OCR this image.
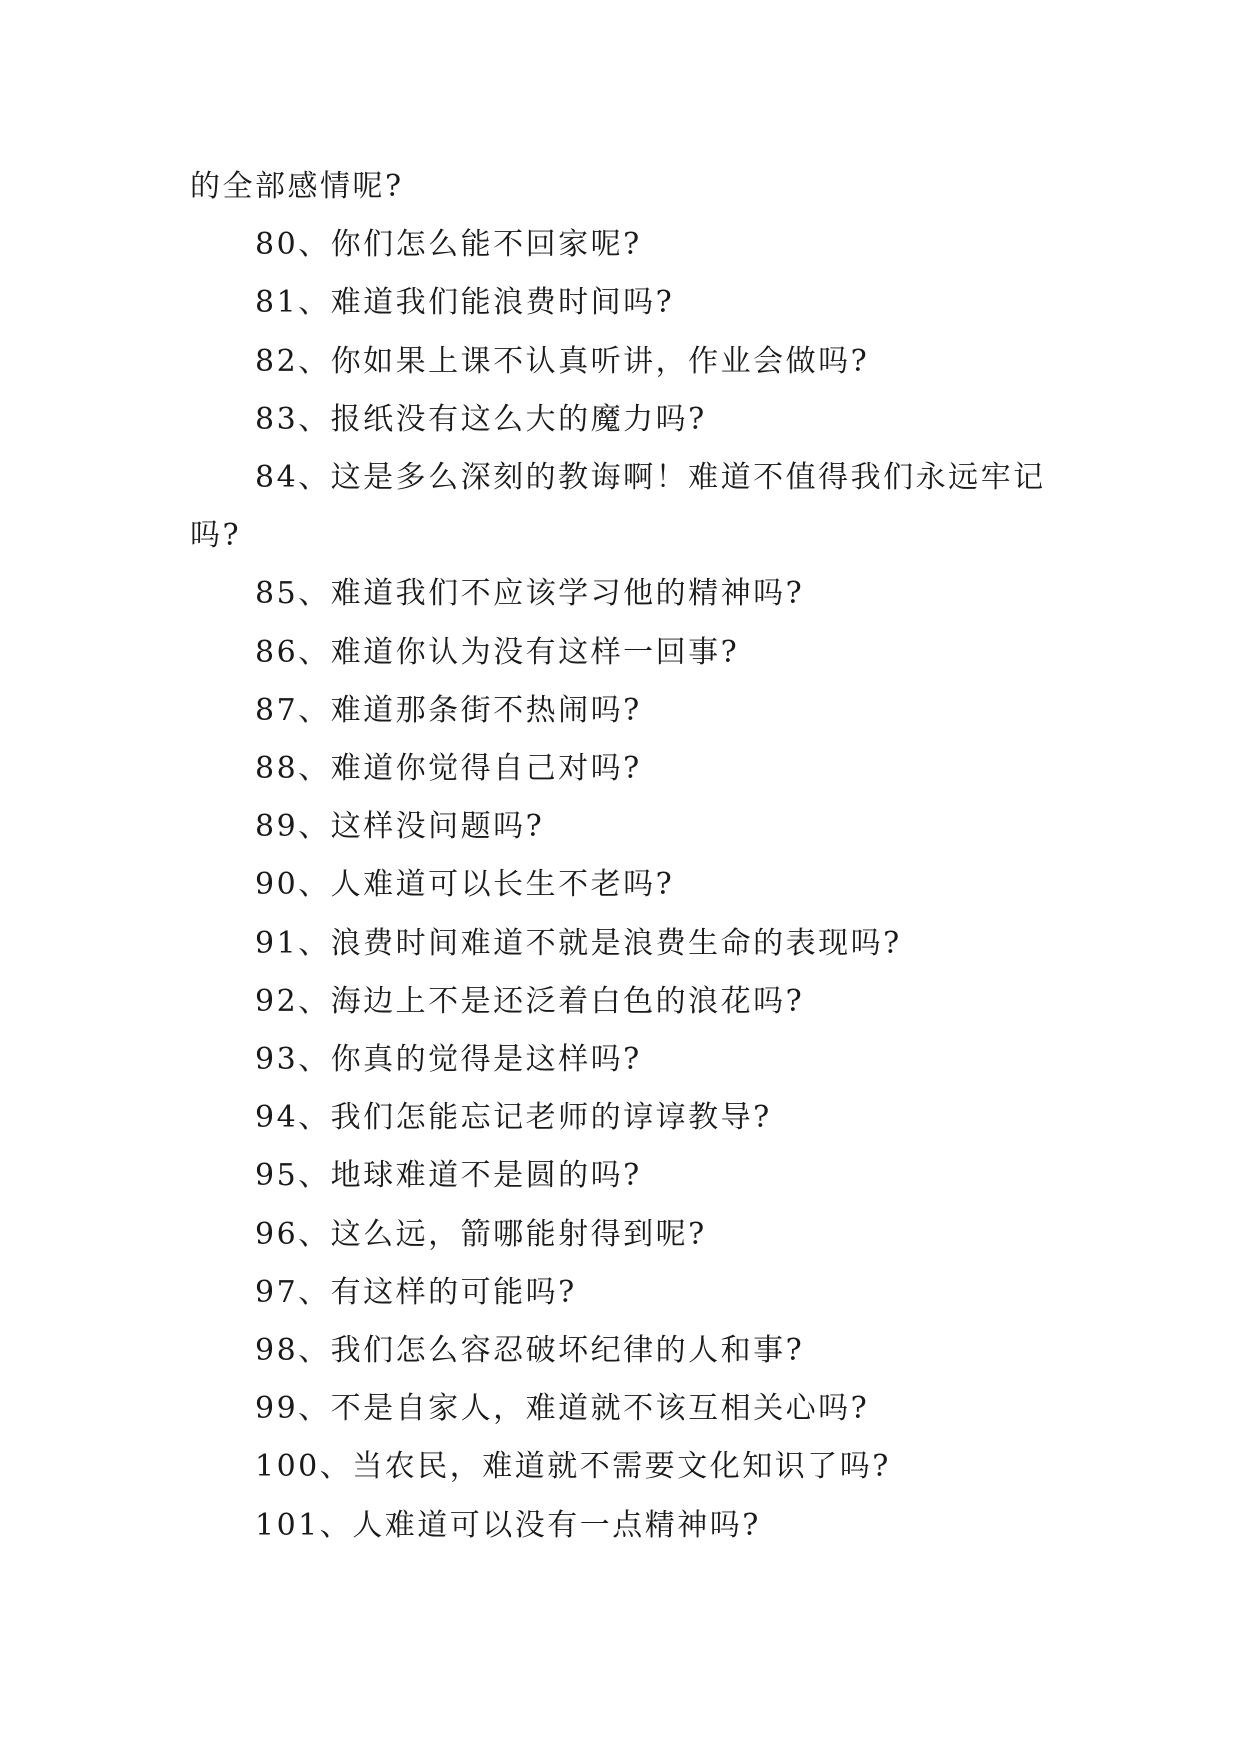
的全部感情呢?

80、你们怎么能不回家呢?

81、难道我们能浪费时间吗?

82、你如果上课不认真听讲，作业会做吗?

83、报纸没有这么大的魔力吗?

84、这是多么深刻的教诲啊！难道不值得我们永远牢记吗?

85、难道我们不应该学习他的精神吗?

86、难道你认为没有这样一回事?

87、难道那条街不热闹吗?

88、难道你觉得自己对吗?

89、这样没问题吗?

90、人难道可以长生不老吗?

91、浪费时间难道不就是浪费生命的表现吗?

92、海边上不是还泛着白色的浪花吗?

93、你真的觉得是这样吗?

94、我们怎能忘记老师的谆谆教导?

95、地球难道不是圆的吗?

96、这么远，箭哪能射得到呢?

97、有这样的可能吗?

98、我们怎么容忍破坏纪律的人和事?

99、不是自家人，难道就不该互相关心吗?

100、当农民，难道就不需要文化知识了吗?

101、人难道可以没有一点精神吗?
